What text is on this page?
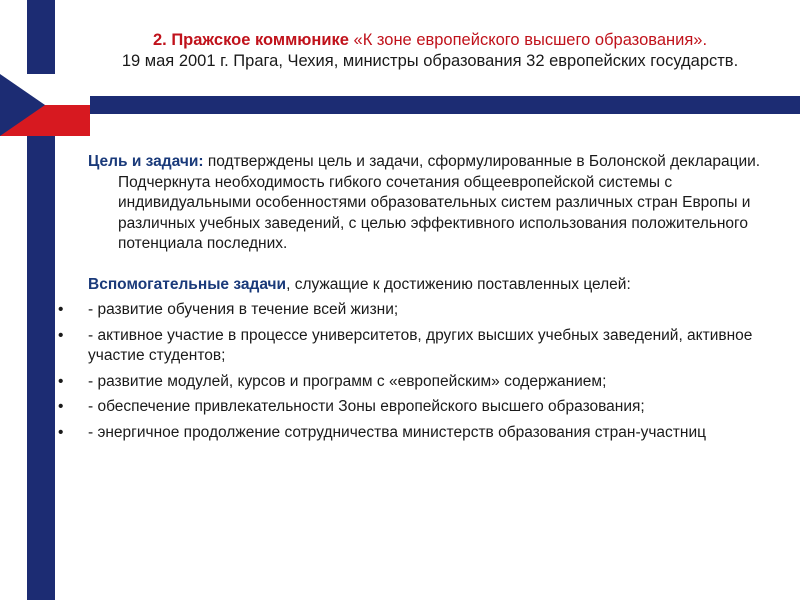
2. Пражское коммюнике «К зоне европейского высшего образования».
19 мая 2001 г. Прага, Чехия, министры образования 32 европейских государств.

Цель и задачи: подтверждены цель и задачи, сформулированные в Болонской декларации. Подчеркнута необходимость гибкого сочетания общеевропейской системы с индивидуальными особенностями образовательных систем различных стран Европы и различных учебных заведений, с целью эффективного использования положительного потенциала последних.

Вспомогательные задачи, служащие к достижению поставленных целей:

•	- развитие обучения в течение всей жизни;
•	- активное участие в процессе университетов, других высших учебных заведений, активное участие студентов;
•	- развитие модулей, курсов и программ с «европейским» содержанием;
•	- обеспечение привлекательности Зоны европейского высшего образования;
•	- энергичное продолжение сотрудничества министерств образования стран-участниц
